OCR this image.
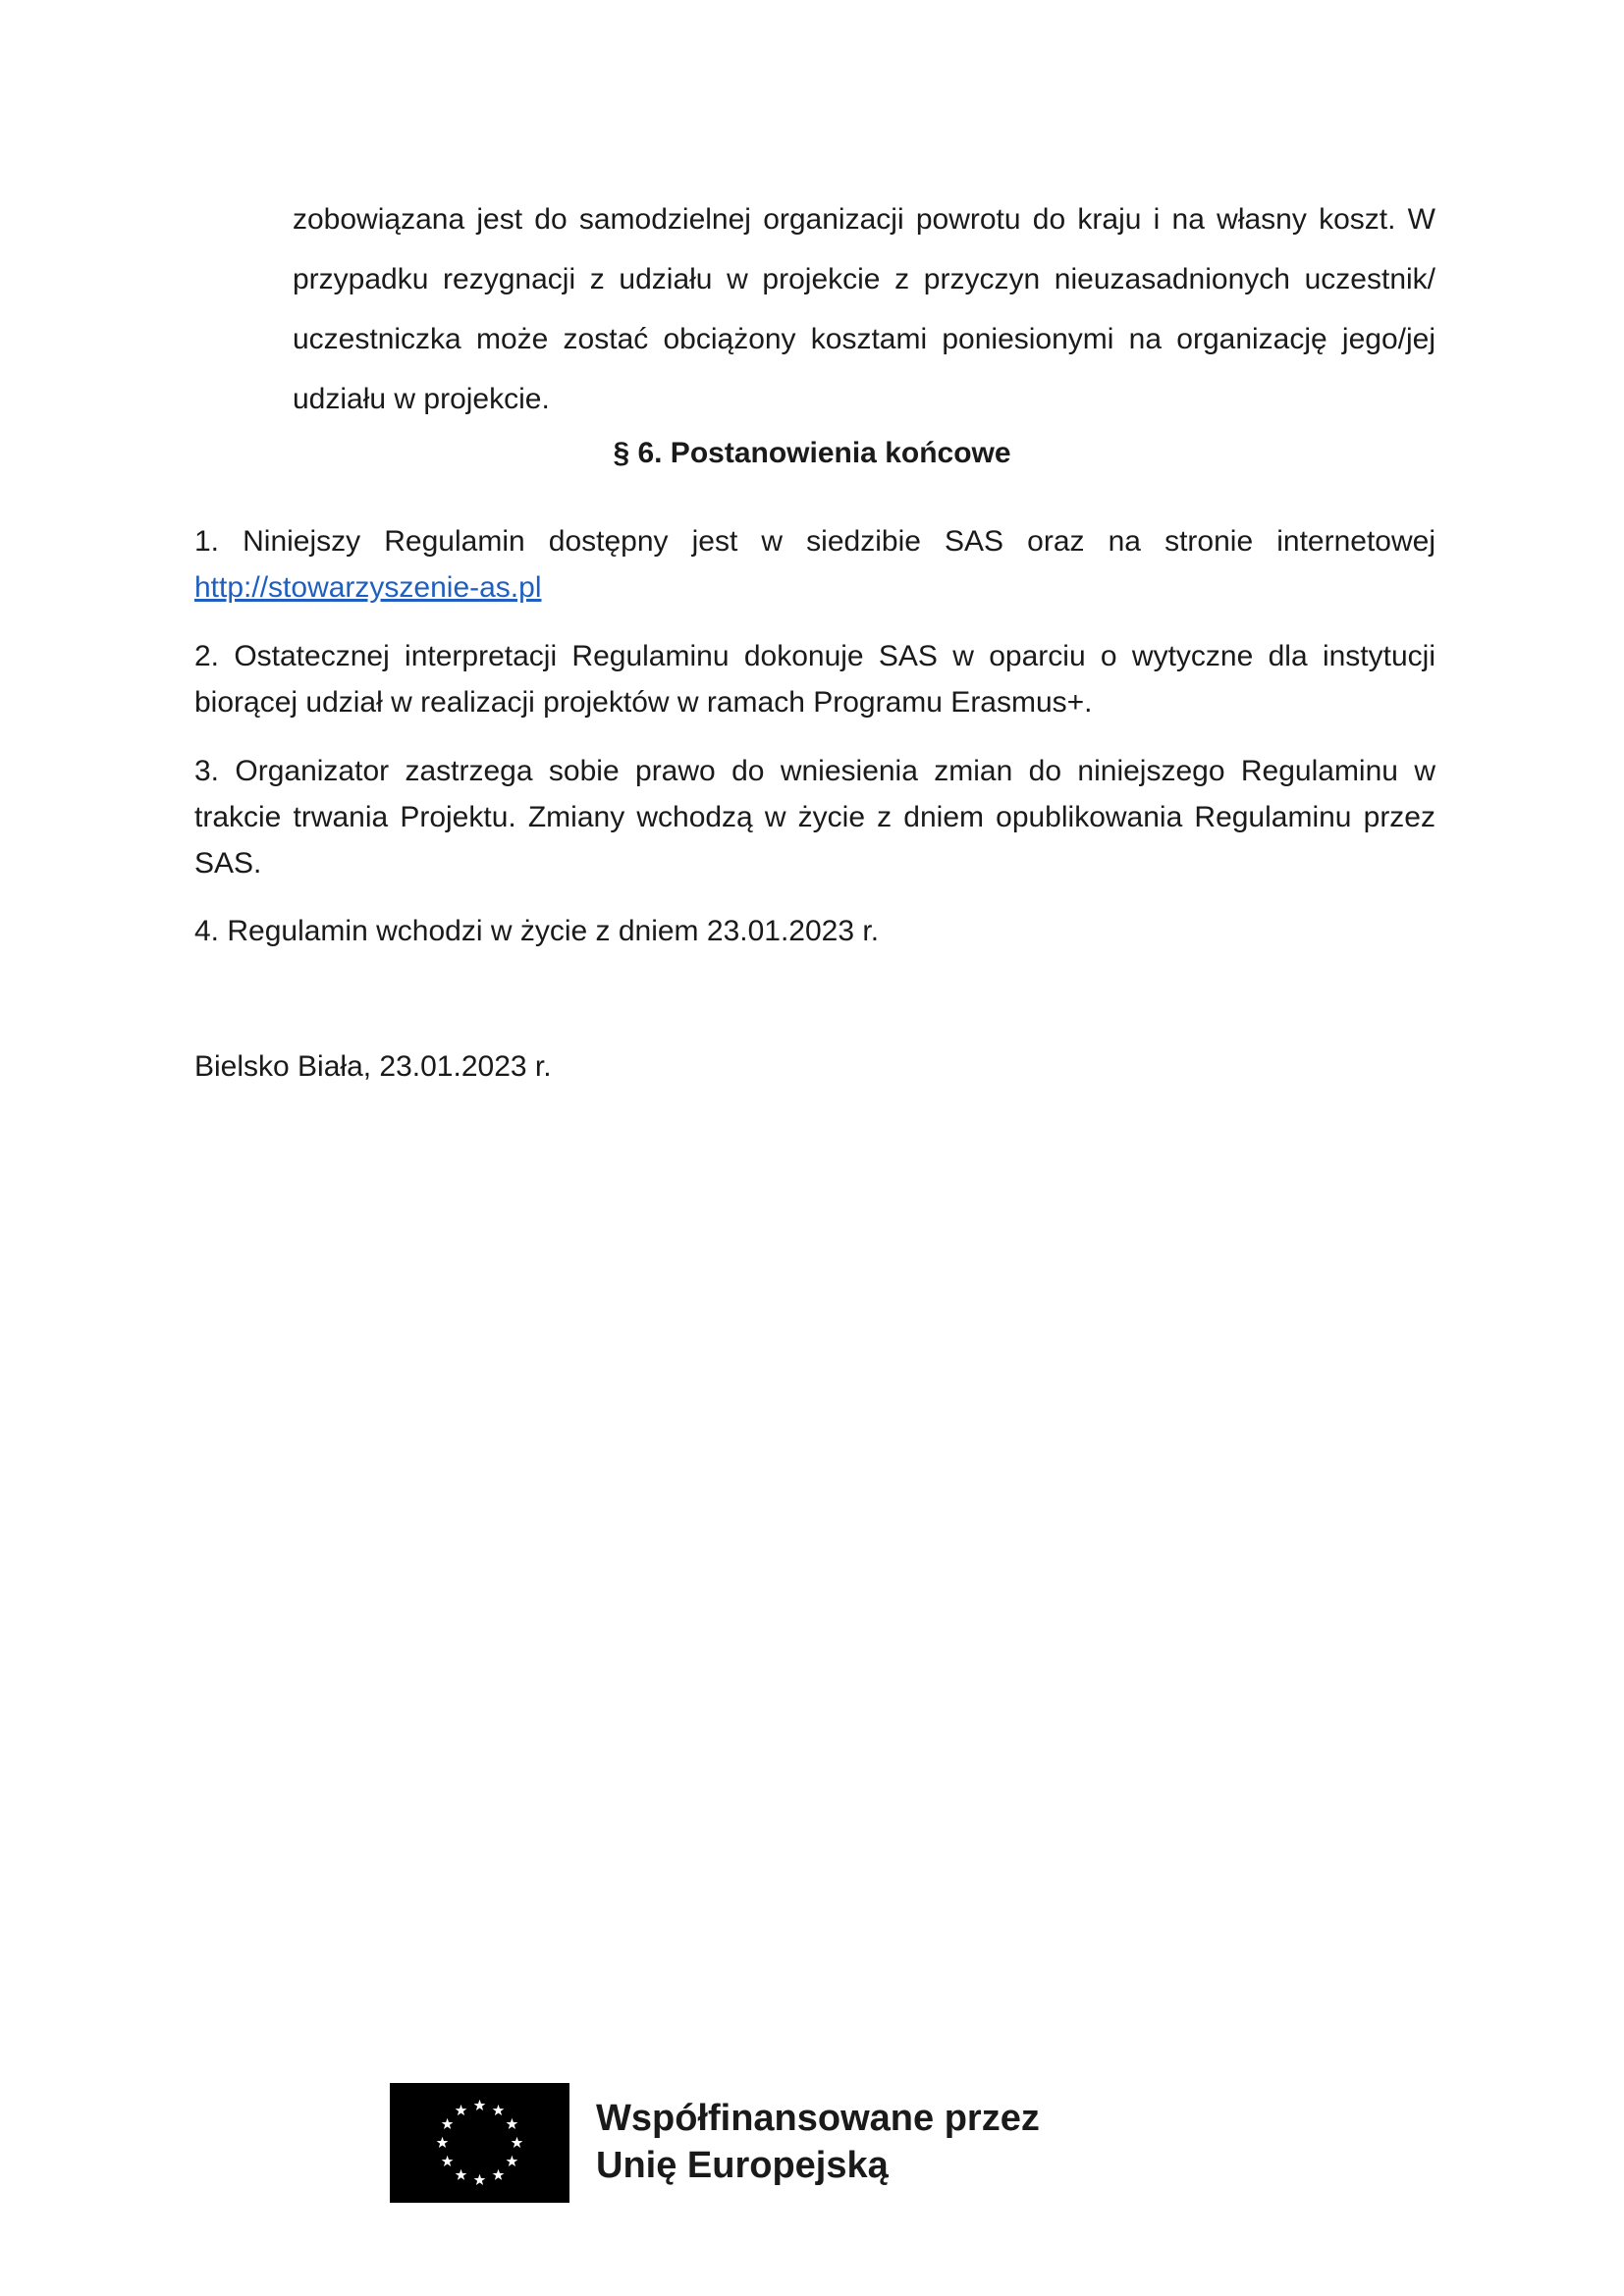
zobowiązana jest do samodzielnej organizacji powrotu do kraju i na własny koszt. W przypadku rezygnacji z udziału w projekcie z przyczyn nieuzasadnionych uczestnik/ uczestniczka może zostać obciążony kosztami poniesionymi na organizację jego/jej udziału w projekcie.
§ 6. Postanowienia końcowe
1. Niniejszy Regulamin dostępny jest w siedzibie SAS oraz na stronie internetowej http://stowarzyszenie-as.pl
2. Ostatecznej interpretacji Regulaminu dokonuje SAS w oparciu o wytyczne dla instytucji biorącej udział w realizacji projektów w ramach Programu Erasmus+.
3. Organizator zastrzega sobie prawo do wniesienia zmian do niniejszego Regulaminu w trakcie trwania Projektu. Zmiany wchodzą w życie z dniem opublikowania Regulaminu przez SAS.
4. Regulamin wchodzi w życie z dniem 23.01.2023 r.
Bielsko Biała, 23.01.2023 r.
Współfinansowane przez
Unię Europejską
